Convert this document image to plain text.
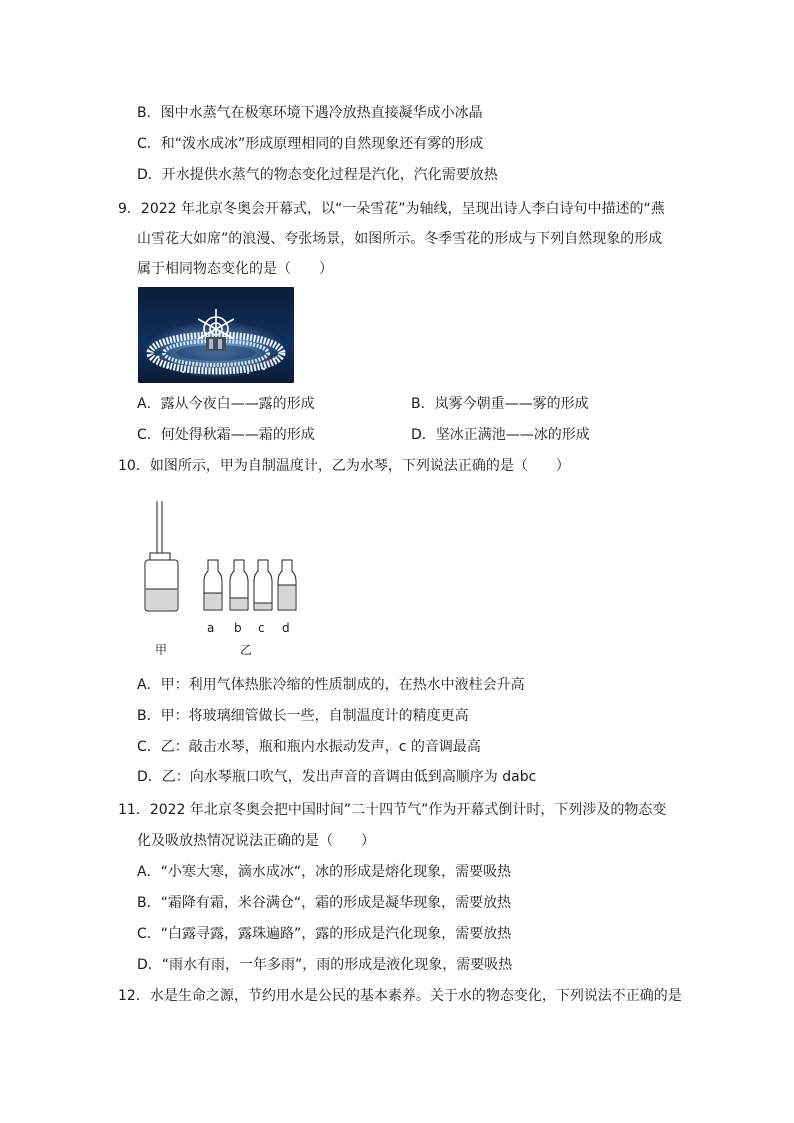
B．图中水蒸气在极寒环境下遇冷放热直接凝华成小冰晶
C．和“泼水成冰”形成原理相同的自然现象还有雾的形成
D．开水提供水蒸气的物态变化过程是汽化，汽化需要放热
9．2022 年北京冬奥会开幕式，以“一朵雪花”为轴线，呈现出诗人李白诗句中描述的“燕
山雪花大如席”的浪漫、夸张场景，如图所示。冬季雪花的形成与下列自然现象的形成
属于相同物态变化的是（　　）
A．露从今夜白——露的形成	B．岚雾今朝重——雾的形成
C．何处得秋霜——霜的形成	D．坚冰正满池——冰的形成
10．如图所示，甲为自制温度计，乙为水琴，下列说法正确的是（　　）
a b c d
甲	乙
A．甲：利用气体热胀冷缩的性质制成的，在热水中液柱会升高
B．甲：将玻璃细管做长一些，自制温度计的精度更高
C．乙：敲击水琴，瓶和瓶内水振动发声，c 的音调最高
D．乙：向水琴瓶口吹气，发出声音的音调由低到高顺序为 dabc
11．2022 年北京冬奥会把中国时间”二十四节气”作为开幕式倒计时，下列涉及的物态变
化及吸放热情况说法正确的是（　　）
A．“小寒大寒，滴水成冰“，冰的形成是熔化现象，需要吸热
B．“霜降有霜，米谷满仓“，霜的形成是凝华现象，需要放热
C．“白露寻露，露珠遍路”，露的形成是汽化现象，需要放热
D．“雨水有雨，一年多雨”，雨的形成是液化现象，需要吸热
12．水是生命之源，节约用水是公民的基本素养。关于水的物态变化，下列说法不正确的是
